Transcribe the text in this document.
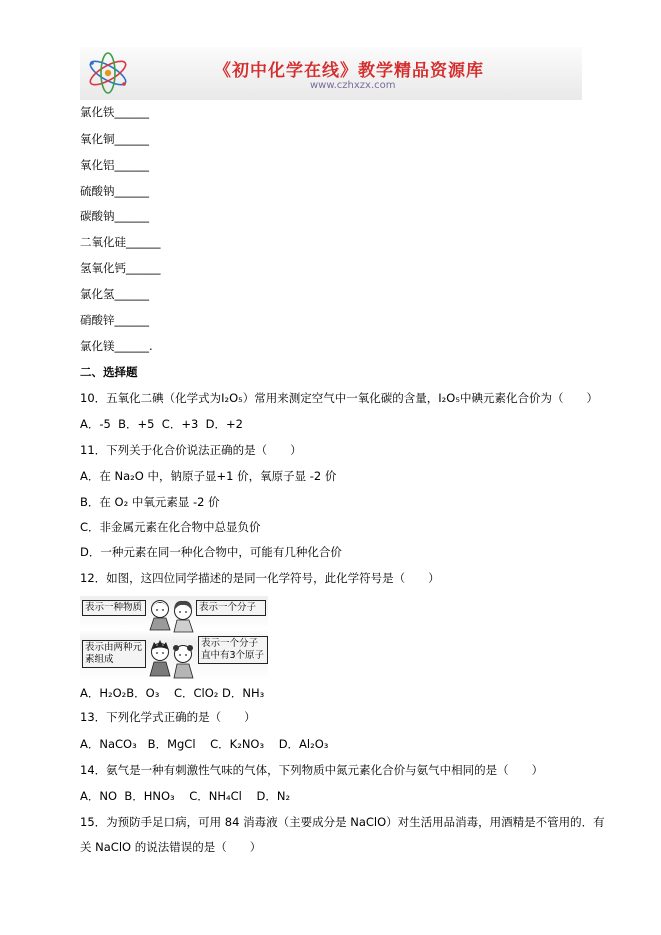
《初中化学在线》教学精品资源库
www.czhxzx.com
氯化铁______
氧化铜______
氧化铝______
硫酸钠______
碳酸钠______
二氧化硅______
氢氧化钙______
氯化氢______
硝酸锌______
氯化镁______.
二、选择题
10．五氧化二碘（化学式为I₂O₅）常用来测定空气中一氧化碳的含量，I₂O₅中碘元素化合价为（　　）
A．-5  B．+5  C．+3  D．+2
11．下列关于化合价说法正确的是（　　）
A．在 Na₂O 中，钠原子显+1 价，氧原子显 -2 价
B．在 O₂ 中氧元素显 -2 价
C．非金属元素在化合物中总显负价
D．一种元素在同一种化合物中，可能有几种化合价
12．如图，这四位同学描述的是同一化学符号，此化学符号是（　　）
表示一种物质	表示一个分子
表示由两种元
素组成
表示一个分子
直中有3个原子
A．H₂O₂B．O₃    C．ClO₂ D．NH₃
13．下列化学式正确的是（　　）
A．NaCO₃   B．MgCl    C．K₂NO₃    D．Al₂O₃
14．氨气是一种有刺激性气味的气体，下列物质中氮元素化合价与氨气中相同的是（　　）
A．NO  B．HNO₃    C．NH₄Cl    D．N₂
15．为预防手足口病，可用 84 消毒液（主要成分是 NaClO）对生活用品消毒，用酒精是不管用的．有
关 NaClO 的说法错误的是（　　）
